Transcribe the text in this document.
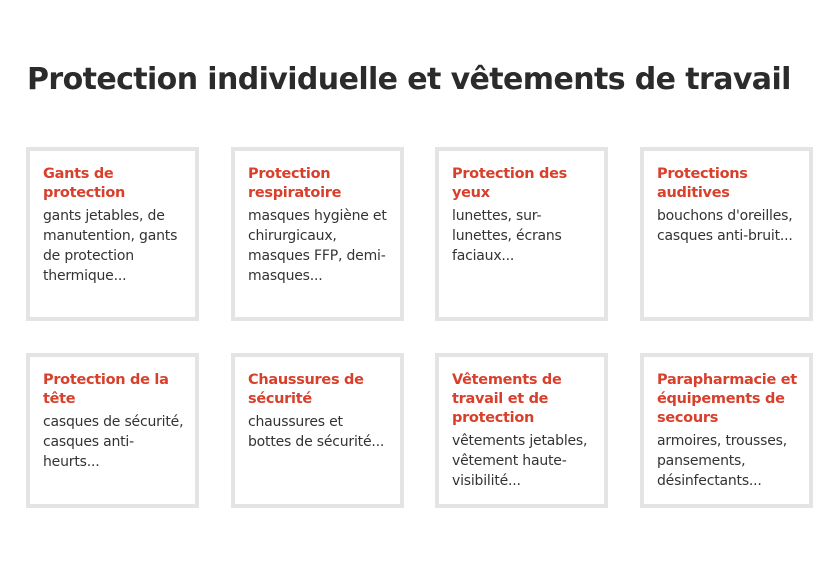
Protection individuelle et vêtements de travail
Gants de protection

gants jetables, de manutention, gants de protection thermique...

Protection respiratoire

masques hygiène et chirurgicaux, masques FFP, demi-masques...

Protection des yeux

lunettes, sur-lunettes, écrans faciaux...

Protections auditives

bouchons d'oreilles, casques anti-bruit...

Protection de la tête

casques de sécurité, casques anti-heurts...

Chaussures de sécurité

chaussures et bottes de sécurité...

Vêtements de travail et de protection

vêtements jetables, vêtement haute-visibilité...

Parapharmacie et équipements de secours

armoires, trousses, pansements, désinfectants...
